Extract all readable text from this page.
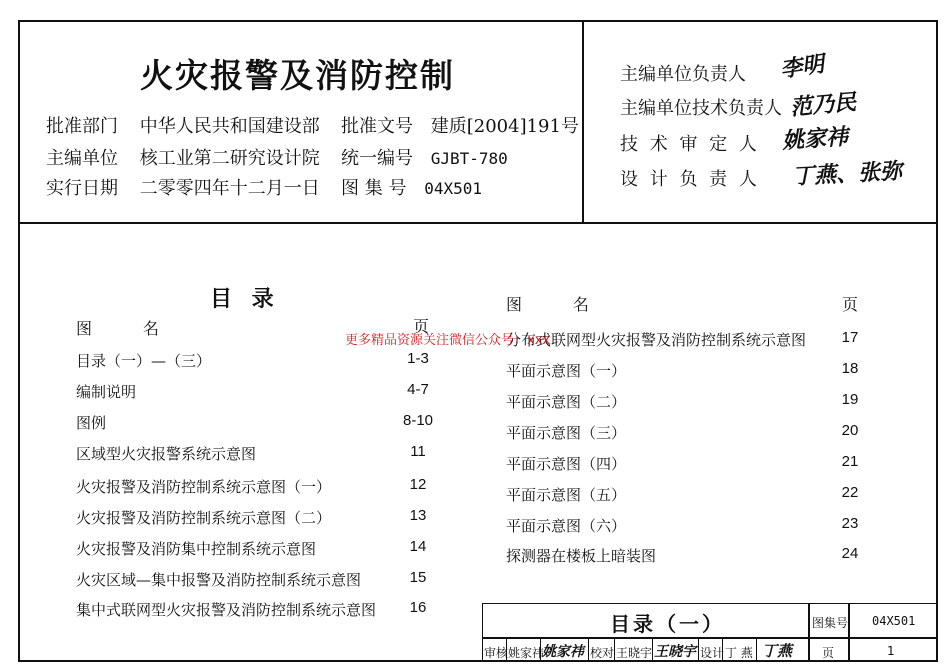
火灾报警及消防控制
批准部门 中华人民共和国建设部 批准文号 建质[2004]191号
主编单位 核工业第二研究设计院 统一编号 GJBT-780
实行日期 二零零四年十二月一日 图 集 号 04X501
主编单位负责人 李明
主编单位技术负责人 范乃民
技 术 审 定 人 姚家祎
设 计 负 责 人 丁燕、张弥
目 录
图          名	页
图          名	页
目录（一）—（三）	1-3
编制说明	4-7
图例	8-10
区域型火灾报警系统示意图	11
火灾报警及消防控制系统示意图（一）	12
火灾报警及消防控制系统示意图（二）	13
火灾报警及消防集中控制系统示意图	14
火灾区域—集中报警及消防控制系统示意图	15
集中式联网型火灾报警及消防控制系统示意图	16
分布式联网型火灾报警及消防控制系统示意图	17
平面示意图（一）	18
平面示意图（二）	19
平面示意图（三）	20
平面示意图（四）	21
平面示意图（五）	22
平面示意图（六）	23
探测器在楼板上暗装图	24
更多精品资源关注微信公众号：xxx
目录（一）	图集号 04X501
页	1
审核 姚家祎
姚家祎 校对 王晓宇 王晓宇 设计 丁 燕 丁燕
